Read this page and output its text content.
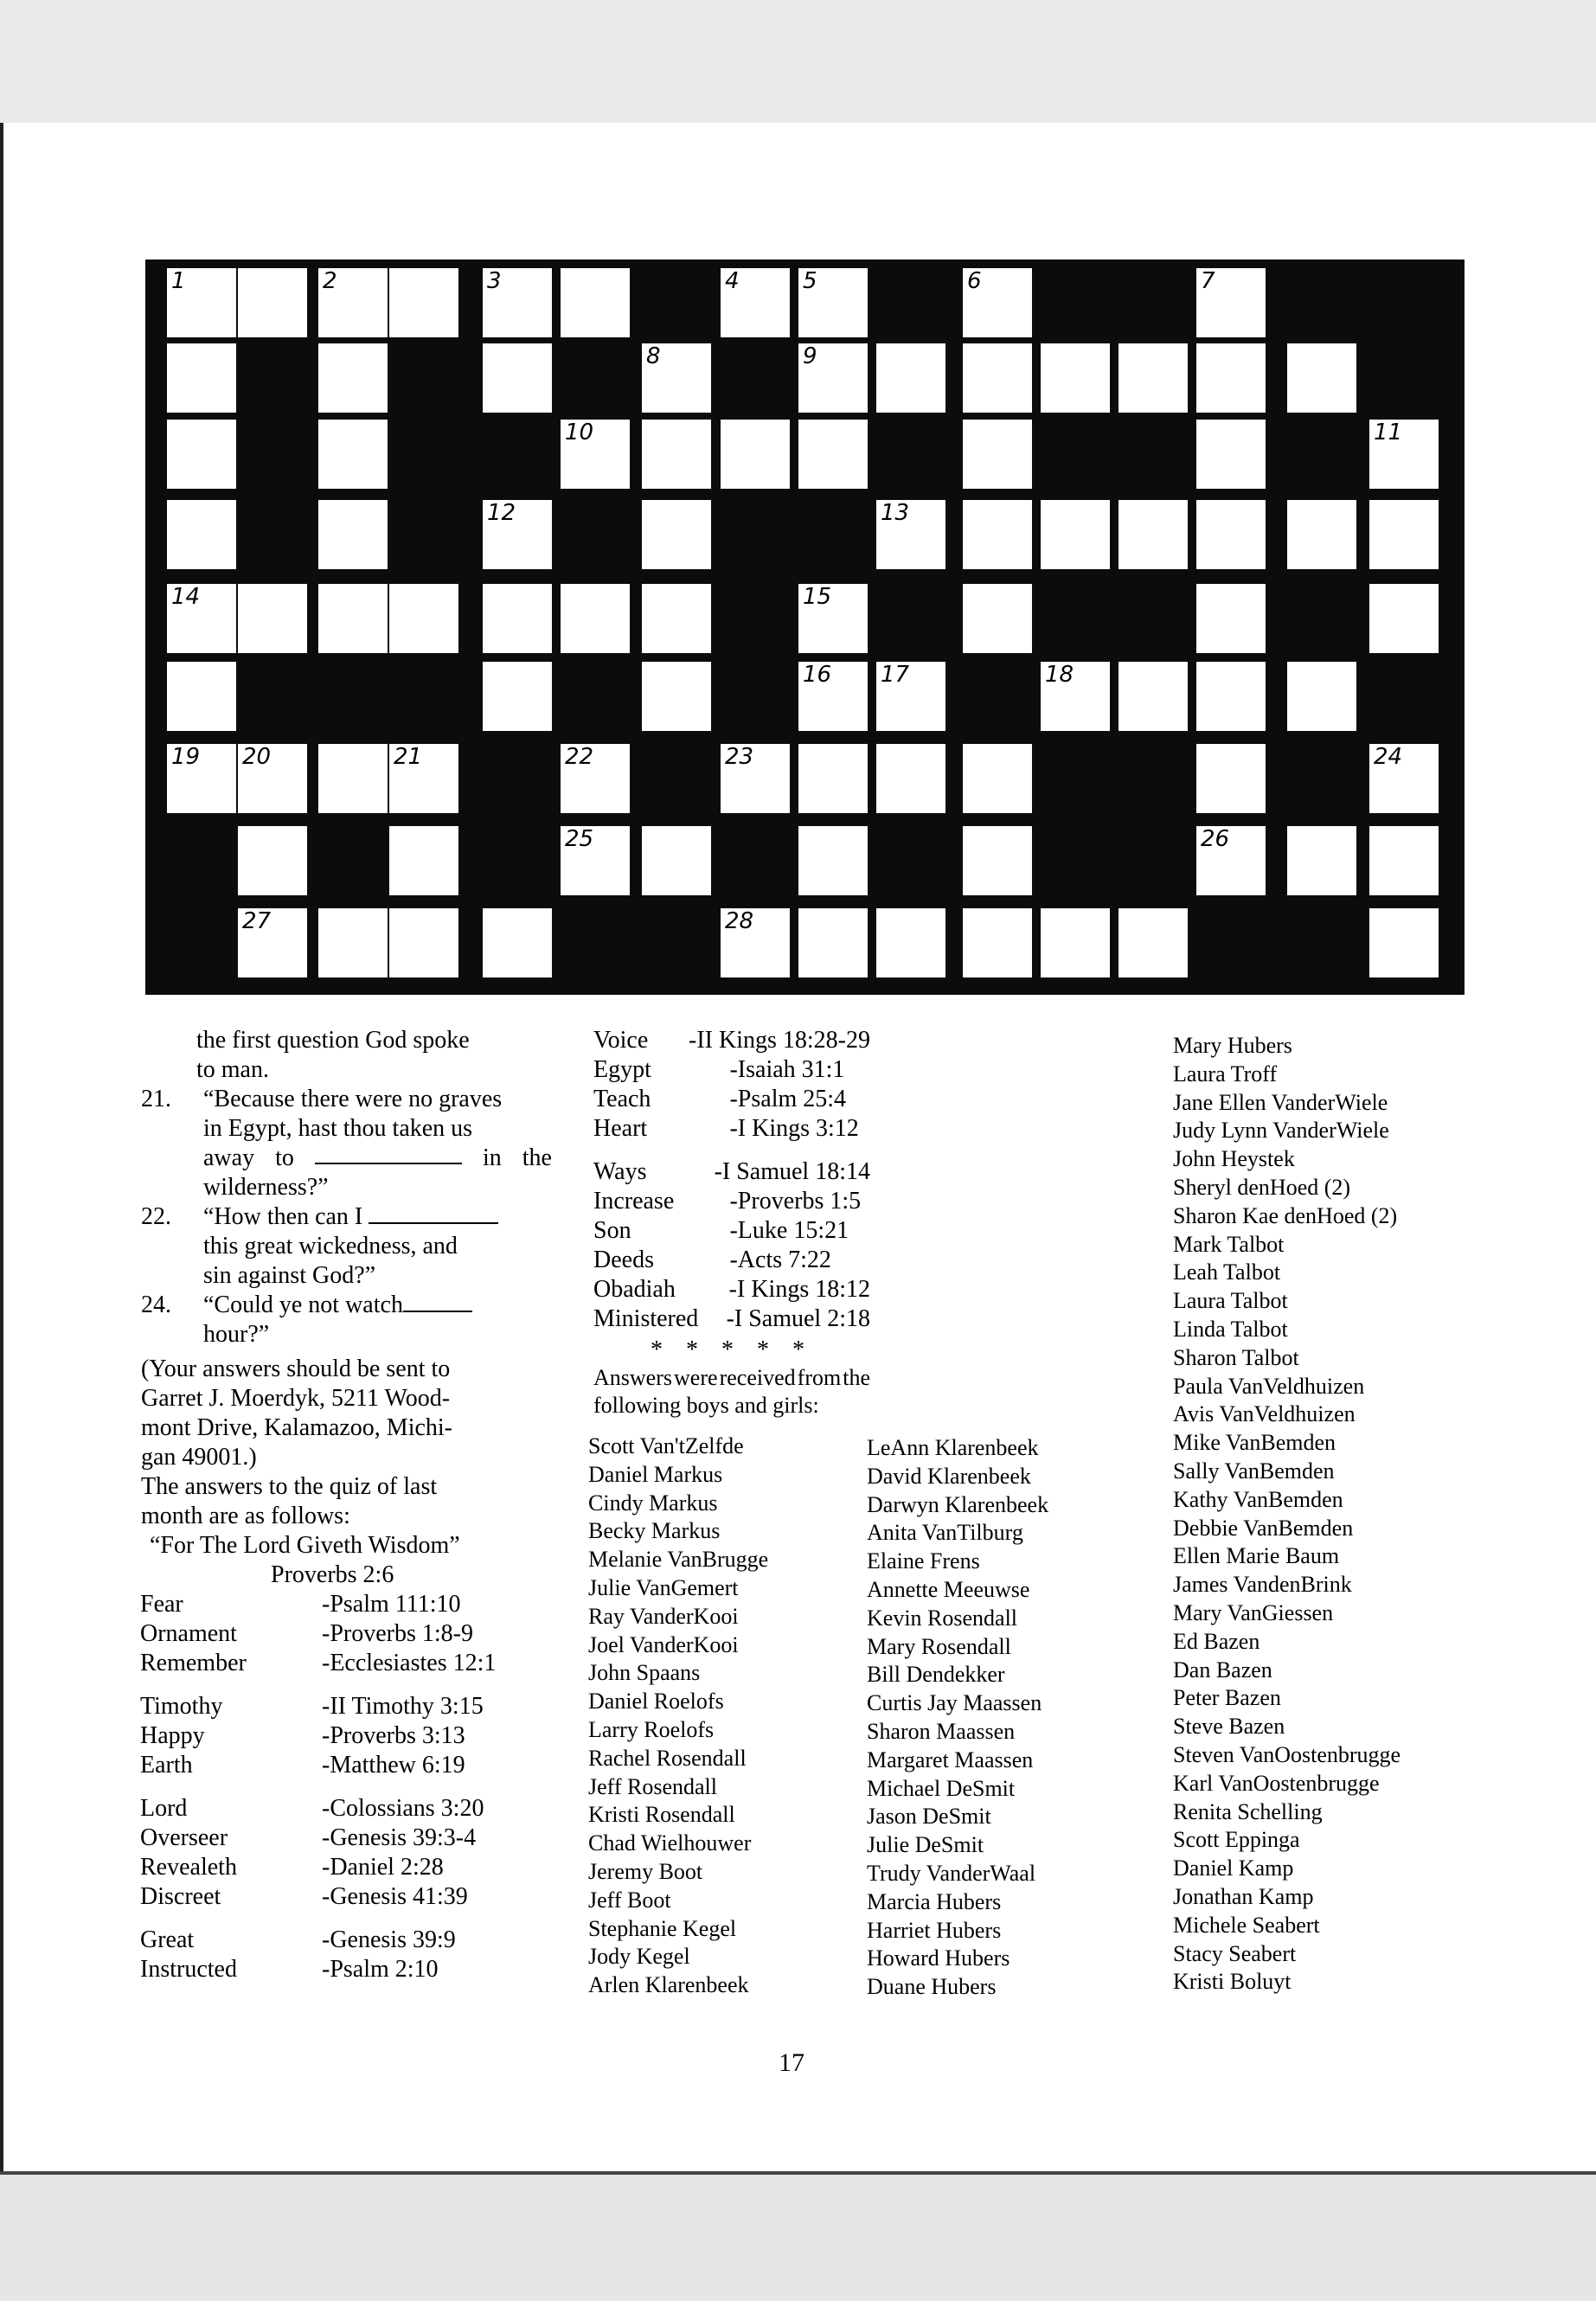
1	2	3	4	5	6	7
8	9
10	11
12	13
14	15
16 17	18
19 20	21	22	23	24
25	26
27	28
the first question God spoke
to man.
21. “Because there were no graves
in Egypt, hast thou taken us
away to	in the
wilderness?”
22. “How then can I
this great wickedness, and
sin against God?”
24. “Could ye not watch
hour?”
(Your answers should be sent to
Garret J. Moerdyk, 5211 Wood-
mont Drive, Kalamazoo, Michi-
gan 49001.)
The answers to the quiz of last
month are as follows:
“For The Lord Giveth Wisdom”
Proverbs 2:6
Fear	-Psalm 111:10
Ornament	-Proverbs 1:8-9
Remember	-Ecclesiastes 12:1
Timothy	-II Timothy 3:15
Happy	-Proverbs 3:13
Earth	-Matthew 6:19
Lord	-Colossians 3:20
Overseer	-Genesis 39:3-4
Revealeth	-Daniel 2:28
Discreet	-Genesis 41:39
Great	-Genesis 39:9
Instructed	-Psalm 2:10
Voice	-II Kings 18:28-29
Egypt	-Isaiah 31:1
Teach	-Psalm 25:4
Heart	-I Kings 3:12
Ways	-I Samuel 18:14
Increase	-Proverbs 1:5
Son	-Luke 15:21
Deeds	-Acts 7:22
Obadiah	-I Kings 18:12
Ministered	-I Samuel 2:18
* * * * *
Answers were received from the
following boys and girls:
Scott Van'tZelfde
Daniel Markus
Cindy Markus
Becky Markus
Melanie VanBrugge
Julie VanGemert
Ray VanderKooi
Joel VanderKooi
John Spaans
Daniel Roelofs
Larry Roelofs
Rachel Rosendall
Jeff Rosendall
Kristi Rosendall
Chad Wielhouwer
Jeremy Boot
Jeff Boot
Stephanie Kegel
Jody Kegel
Arlen Klarenbeek
LeAnn Klarenbeek
David Klarenbeek
Darwyn Klarenbeek
Anita VanTilburg
Elaine Frens
Annette Meeuwse
Kevin Rosendall
Mary Rosendall
Bill Dendekker
Curtis Jay Maassen
Sharon Maassen
Margaret Maassen
Michael DeSmit
Jason DeSmit
Julie DeSmit
Trudy VanderWaal
Marcia Hubers
Harriet Hubers
Howard Hubers
Duane Hubers
Mary Hubers
Laura Troff
Jane Ellen VanderWiele
Judy Lynn VanderWiele
John Heystek
Sheryl denHoed (2)
Sharon Kae denHoed (2)
Mark Talbot
Leah Talbot
Laura Talbot
Linda Talbot
Sharon Talbot
Paula VanVeldhuizen
Avis VanVeldhuizen
Mike VanBemden
Sally VanBemden
Kathy VanBemden
Debbie VanBemden
Ellen Marie Baum
James VandenBrink
Mary VanGiessen
Ed Bazen
Dan Bazen
Peter Bazen
Steve Bazen
Steven VanOostenbrugge
Karl VanOostenbrugge
Renita Schelling
Scott Eppinga
Daniel Kamp
Jonathan Kamp
Michele Seabert
Stacy Seabert
Kristi Boluyt
17
